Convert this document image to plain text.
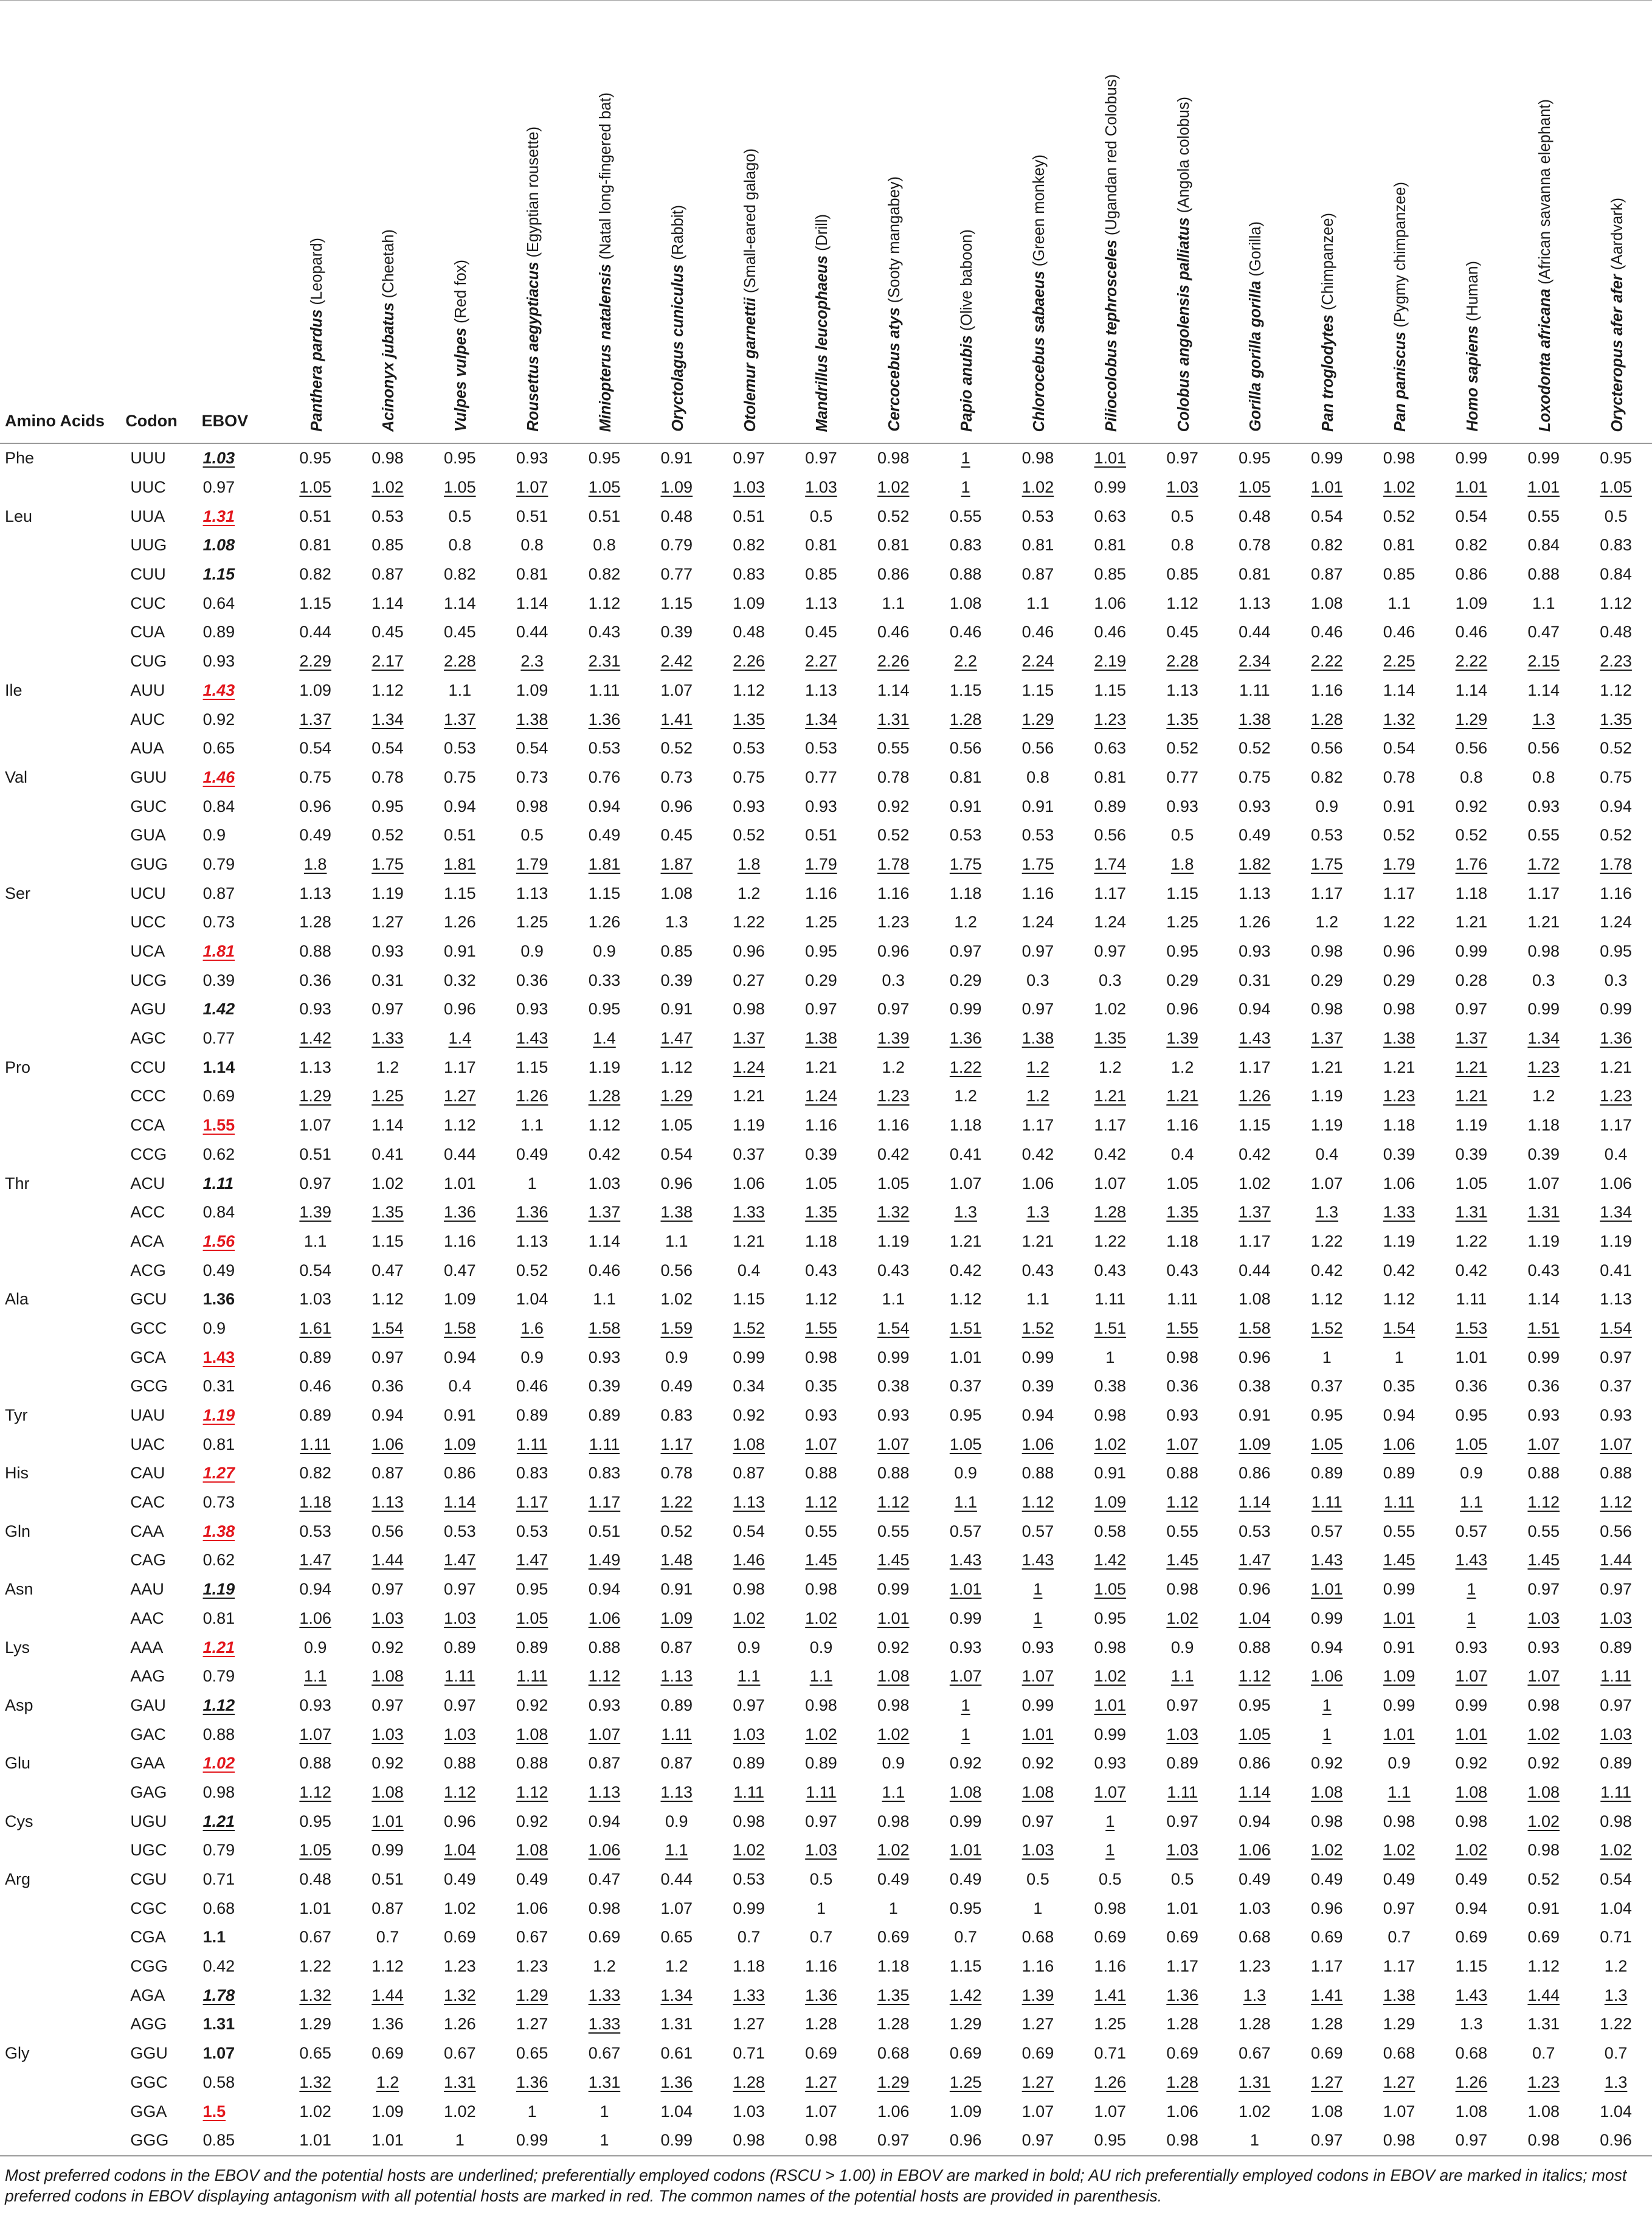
Amino Acids	Codon	EBOV	Panthera pardus (Leopard)	Acinonyx jubatus (Cheetah)	Vulpes vulpes (Red fox)	Rousettus aegyptiacus (Egyptian rousette)	Miniopterus natalensis (Natal long-fingered bat)	Oryctolagus cuniculus (Rabbit)	Otolemur garnettii (Small-eared galago)	Mandrillus leucophaeus (Drill)	Cercocebus atys (Sooty mangabey)	Papio anubis (Olive baboon)	Chlorocebus sabaeus (Green monkey)	Piliocolobus tephrosceles (Ugandan red Colobus)	Colobus angolensis palliatus (Angola colobus)	Gorilla gorilla gorilla (Gorilla)	Pan troglodytes (Chimpanzee)	Pan paniscus (Pygmy chimpanzee)	Homo sapiens (Human)	Loxodonta africana (African savanna elephant)	Orycteropus afer afer (Aardvark)

Phe	UUU	1.03	0.95	0.98	0.95	0.93	0.95	0.91	0.97	0.97	0.98	1	0.98	1.01	0.97	0.95	0.99	0.98	0.99	0.99	0.95
	UUC	0.97	1.05	1.02	1.05	1.07	1.05	1.09	1.03	1.03	1.02	1	1.02	0.99	1.03	1.05	1.01	1.02	1.01	1.01	1.05
Leu	UUA	1.31	0.51	0.53	0.5	0.51	0.51	0.48	0.51	0.5	0.52	0.55	0.53	0.63	0.5	0.48	0.54	0.52	0.54	0.55	0.5
	UUG	1.08	0.81	0.85	0.8	0.8	0.8	0.79	0.82	0.81	0.81	0.83	0.81	0.81	0.8	0.78	0.82	0.81	0.82	0.84	0.83
	CUU	1.15	0.82	0.87	0.82	0.81	0.82	0.77	0.83	0.85	0.86	0.88	0.87	0.85	0.85	0.81	0.87	0.85	0.86	0.88	0.84
	CUC	0.64	1.15	1.14	1.14	1.14	1.12	1.15	1.09	1.13	1.1	1.08	1.1	1.06	1.12	1.13	1.08	1.1	1.09	1.1	1.12
	CUA	0.89	0.44	0.45	0.45	0.44	0.43	0.39	0.48	0.45	0.46	0.46	0.46	0.46	0.45	0.44	0.46	0.46	0.46	0.47	0.48
	CUG	0.93	2.29	2.17	2.28	2.3	2.31	2.42	2.26	2.27	2.26	2.2	2.24	2.19	2.28	2.34	2.22	2.25	2.22	2.15	2.23
Ile	AUU	1.43	1.09	1.12	1.1	1.09	1.11	1.07	1.12	1.13	1.14	1.15	1.15	1.15	1.13	1.11	1.16	1.14	1.14	1.14	1.12
	AUC	0.92	1.37	1.34	1.37	1.38	1.36	1.41	1.35	1.34	1.31	1.28	1.29	1.23	1.35	1.38	1.28	1.32	1.29	1.3	1.35
	AUA	0.65	0.54	0.54	0.53	0.54	0.53	0.52	0.53	0.53	0.55	0.56	0.56	0.63	0.52	0.52	0.56	0.54	0.56	0.56	0.52
Val	GUU	1.46	0.75	0.78	0.75	0.73	0.76	0.73	0.75	0.77	0.78	0.81	0.8	0.81	0.77	0.75	0.82	0.78	0.8	0.8	0.75
	GUC	0.84	0.96	0.95	0.94	0.98	0.94	0.96	0.93	0.93	0.92	0.91	0.91	0.89	0.93	0.93	0.9	0.91	0.92	0.93	0.94
	GUA	0.9	0.49	0.52	0.51	0.5	0.49	0.45	0.52	0.51	0.52	0.53	0.53	0.56	0.5	0.49	0.53	0.52	0.52	0.55	0.52
	GUG	0.79	1.8	1.75	1.81	1.79	1.81	1.87	1.8	1.79	1.78	1.75	1.75	1.74	1.8	1.82	1.75	1.79	1.76	1.72	1.78
Ser	UCU	0.87	1.13	1.19	1.15	1.13	1.15	1.08	1.2	1.16	1.16	1.18	1.16	1.17	1.15	1.13	1.17	1.17	1.18	1.17	1.16
	UCC	0.73	1.28	1.27	1.26	1.25	1.26	1.3	1.22	1.25	1.23	1.2	1.24	1.24	1.25	1.26	1.2	1.22	1.21	1.21	1.24
	UCA	1.81	0.88	0.93	0.91	0.9	0.9	0.85	0.96	0.95	0.96	0.97	0.97	0.97	0.95	0.93	0.98	0.96	0.99	0.98	0.95
	UCG	0.39	0.36	0.31	0.32	0.36	0.33	0.39	0.27	0.29	0.3	0.29	0.3	0.3	0.29	0.31	0.29	0.29	0.28	0.3	0.3
	AGU	1.42	0.93	0.97	0.96	0.93	0.95	0.91	0.98	0.97	0.97	0.99	0.97	1.02	0.96	0.94	0.98	0.98	0.97	0.99	0.99
	AGC	0.77	1.42	1.33	1.4	1.43	1.4	1.47	1.37	1.38	1.39	1.36	1.38	1.35	1.39	1.43	1.37	1.38	1.37	1.34	1.36
Pro	CCU	1.14	1.13	1.2	1.17	1.15	1.19	1.12	1.24	1.21	1.2	1.22	1.2	1.2	1.2	1.17	1.21	1.21	1.21	1.23	1.21
	CCC	0.69	1.29	1.25	1.27	1.26	1.28	1.29	1.21	1.24	1.23	1.2	1.2	1.21	1.21	1.26	1.19	1.23	1.21	1.2	1.23
	CCA	1.55	1.07	1.14	1.12	1.1	1.12	1.05	1.19	1.16	1.16	1.18	1.17	1.17	1.16	1.15	1.19	1.18	1.19	1.18	1.17
	CCG	0.62	0.51	0.41	0.44	0.49	0.42	0.54	0.37	0.39	0.42	0.41	0.42	0.42	0.4	0.42	0.4	0.39	0.39	0.39	0.4
Thr	ACU	1.11	0.97	1.02	1.01	1	1.03	0.96	1.06	1.05	1.05	1.07	1.06	1.07	1.05	1.02	1.07	1.06	1.05	1.07	1.06
	ACC	0.84	1.39	1.35	1.36	1.36	1.37	1.38	1.33	1.35	1.32	1.3	1.3	1.28	1.35	1.37	1.3	1.33	1.31	1.31	1.34
	ACA	1.56	1.1	1.15	1.16	1.13	1.14	1.1	1.21	1.18	1.19	1.21	1.21	1.22	1.18	1.17	1.22	1.19	1.22	1.19	1.19
	ACG	0.49	0.54	0.47	0.47	0.52	0.46	0.56	0.4	0.43	0.43	0.42	0.43	0.43	0.43	0.44	0.42	0.42	0.42	0.43	0.41
Ala	GCU	1.36	1.03	1.12	1.09	1.04	1.1	1.02	1.15	1.12	1.1	1.12	1.1	1.11	1.11	1.08	1.12	1.12	1.11	1.14	1.13
	GCC	0.9	1.61	1.54	1.58	1.6	1.58	1.59	1.52	1.55	1.54	1.51	1.52	1.51	1.55	1.58	1.52	1.54	1.53	1.51	1.54
	GCA	1.43	0.89	0.97	0.94	0.9	0.93	0.9	0.99	0.98	0.99	1.01	0.99	1	0.98	0.96	1	1	1.01	0.99	0.97
	GCG	0.31	0.46	0.36	0.4	0.46	0.39	0.49	0.34	0.35	0.38	0.37	0.39	0.38	0.36	0.38	0.37	0.35	0.36	0.36	0.37
Tyr	UAU	1.19	0.89	0.94	0.91	0.89	0.89	0.83	0.92	0.93	0.93	0.95	0.94	0.98	0.93	0.91	0.95	0.94	0.95	0.93	0.93
	UAC	0.81	1.11	1.06	1.09	1.11	1.11	1.17	1.08	1.07	1.07	1.05	1.06	1.02	1.07	1.09	1.05	1.06	1.05	1.07	1.07
His	CAU	1.27	0.82	0.87	0.86	0.83	0.83	0.78	0.87	0.88	0.88	0.9	0.88	0.91	0.88	0.86	0.89	0.89	0.9	0.88	0.88
	CAC	0.73	1.18	1.13	1.14	1.17	1.17	1.22	1.13	1.12	1.12	1.1	1.12	1.09	1.12	1.14	1.11	1.11	1.1	1.12	1.12
Gln	CAA	1.38	0.53	0.56	0.53	0.53	0.51	0.52	0.54	0.55	0.55	0.57	0.57	0.58	0.55	0.53	0.57	0.55	0.57	0.55	0.56
	CAG	0.62	1.47	1.44	1.47	1.47	1.49	1.48	1.46	1.45	1.45	1.43	1.43	1.42	1.45	1.47	1.43	1.45	1.43	1.45	1.44
Asn	AAU	1.19	0.94	0.97	0.97	0.95	0.94	0.91	0.98	0.98	0.99	1.01	1	1.05	0.98	0.96	1.01	0.99	1	0.97	0.97
	AAC	0.81	1.06	1.03	1.03	1.05	1.06	1.09	1.02	1.02	1.01	0.99	1	0.95	1.02	1.04	0.99	1.01	1	1.03	1.03
Lys	AAA	1.21	0.9	0.92	0.89	0.89	0.88	0.87	0.9	0.9	0.92	0.93	0.93	0.98	0.9	0.88	0.94	0.91	0.93	0.93	0.89
	AAG	0.79	1.1	1.08	1.11	1.11	1.12	1.13	1.1	1.1	1.08	1.07	1.07	1.02	1.1	1.12	1.06	1.09	1.07	1.07	1.11
Asp	GAU	1.12	0.93	0.97	0.97	0.92	0.93	0.89	0.97	0.98	0.98	1	0.99	1.01	0.97	0.95	1	0.99	0.99	0.98	0.97
	GAC	0.88	1.07	1.03	1.03	1.08	1.07	1.11	1.03	1.02	1.02	1	1.01	0.99	1.03	1.05	1	1.01	1.01	1.02	1.03
Glu	GAA	1.02	0.88	0.92	0.88	0.88	0.87	0.87	0.89	0.89	0.9	0.92	0.92	0.93	0.89	0.86	0.92	0.9	0.92	0.92	0.89
	GAG	0.98	1.12	1.08	1.12	1.12	1.13	1.13	1.11	1.11	1.1	1.08	1.08	1.07	1.11	1.14	1.08	1.1	1.08	1.08	1.11
Cys	UGU	1.21	0.95	1.01	0.96	0.92	0.94	0.9	0.98	0.97	0.98	0.99	0.97	1	0.97	0.94	0.98	0.98	0.98	1.02	0.98
	UGC	0.79	1.05	0.99	1.04	1.08	1.06	1.1	1.02	1.03	1.02	1.01	1.03	1	1.03	1.06	1.02	1.02	1.02	0.98	1.02
Arg	CGU	0.71	0.48	0.51	0.49	0.49	0.47	0.44	0.53	0.5	0.49	0.49	0.5	0.5	0.5	0.49	0.49	0.49	0.49	0.52	0.54
	CGC	0.68	1.01	0.87	1.02	1.06	0.98	1.07	0.99	1	1	0.95	1	0.98	1.01	1.03	0.96	0.97	0.94	0.91	1.04
	CGA	1.1	0.67	0.7	0.69	0.67	0.69	0.65	0.7	0.7	0.69	0.7	0.68	0.69	0.69	0.68	0.69	0.7	0.69	0.69	0.71
	CGG	0.42	1.22	1.12	1.23	1.23	1.2	1.2	1.18	1.16	1.18	1.15	1.16	1.16	1.17	1.23	1.17	1.17	1.15	1.12	1.2
	AGA	1.78	1.32	1.44	1.32	1.29	1.33	1.34	1.33	1.36	1.35	1.42	1.39	1.41	1.36	1.3	1.41	1.38	1.43	1.44	1.3
	AGG	1.31	1.29	1.36	1.26	1.27	1.33	1.31	1.27	1.28	1.28	1.29	1.27	1.25	1.28	1.28	1.28	1.29	1.3	1.31	1.22
Gly	GGU	1.07	0.65	0.69	0.67	0.65	0.67	0.61	0.71	0.69	0.68	0.69	0.69	0.71	0.69	0.67	0.69	0.68	0.68	0.7	0.7
	GGC	0.58	1.32	1.2	1.31	1.36	1.31	1.36	1.28	1.27	1.29	1.25	1.27	1.26	1.28	1.31	1.27	1.27	1.26	1.23	1.3
	GGA	1.5	1.02	1.09	1.02	1	1	1.04	1.03	1.07	1.06	1.09	1.07	1.07	1.06	1.02	1.08	1.07	1.08	1.08	1.04
	GGG	0.85	1.01	1.01	1	0.99	1	0.99	0.98	0.98	0.97	0.96	0.97	0.95	0.98	1	0.97	0.98	0.97	0.98	0.96
Most preferred codons in the EBOV and the potential hosts are underlined; preferentially employed codons (RSCU > 1.00) in EBOV are marked in bold; AU rich preferentially employed codons in EBOV are marked in italics; most preferred codons in EBOV displaying antagonism with all potential hosts are marked in red. The common names of the potential hosts are provided in parenthesis.
